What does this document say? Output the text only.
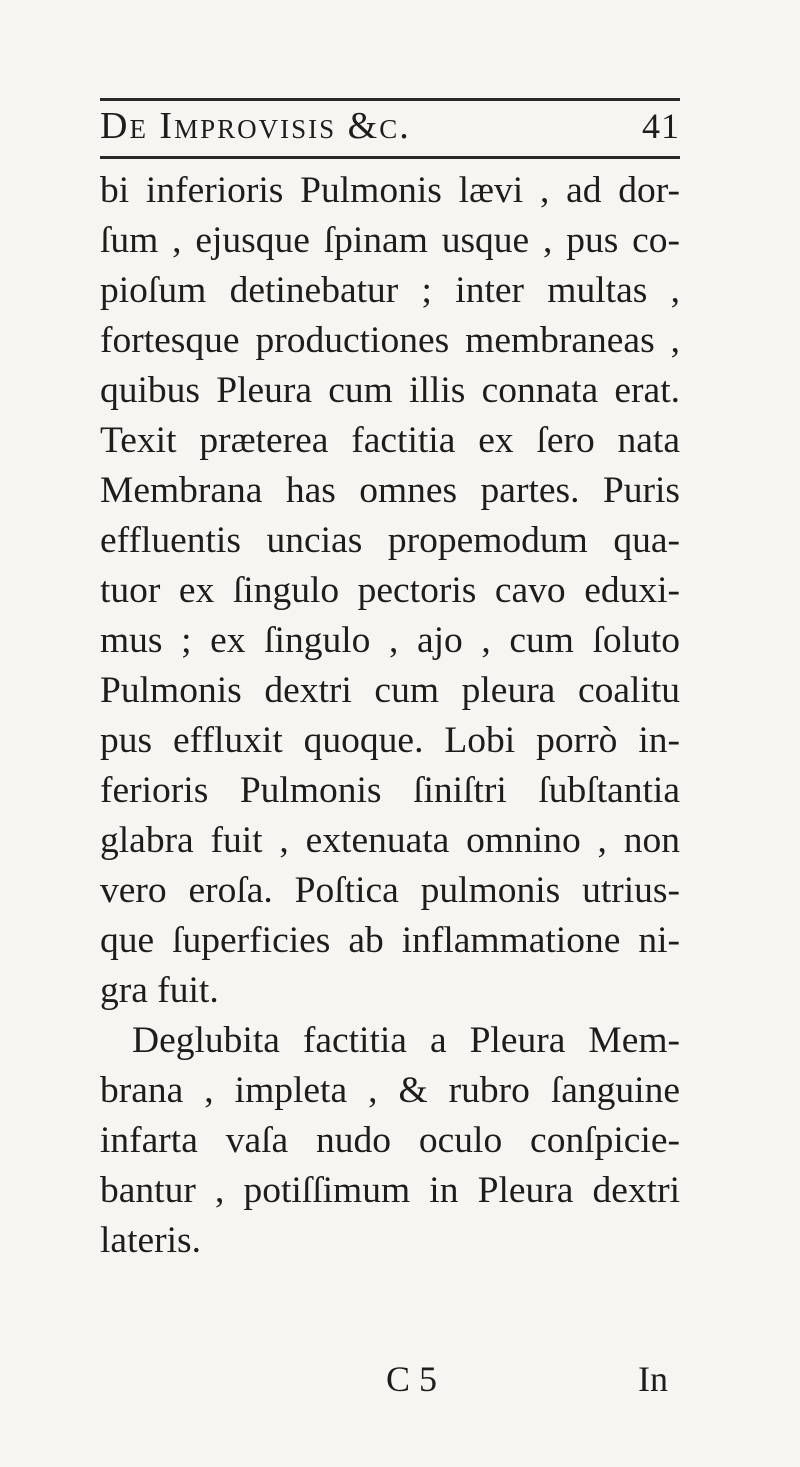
De Improvisis &c.	41
bi inferioris Pulmonis lævi , ad dor-
ſum , ejusque ſpinam usque , pus co-
pioſum detinebatur ; inter multas ,
fortesque productiones membraneas ,
quibus Pleura cum illis connata erat.
Texit præterea factitia ex ſero nata
Membrana has omnes partes. Puris
effluentis uncias propemodum qua-
tuor ex ſingulo pectoris cavo eduxi-
mus ; ex ſingulo , ajo , cum ſoluto
Pulmonis dextri cum pleura coalitu
pus effluxit quoque. Lobi porrò in-
ferioris Pulmonis ſiniſtri ſubſtantia
glabra fuit , extenuata omnino , non
vero eroſa. Poſtica pulmonis utrius-
que ſuperficies ab inflammatione ni-
gra fuit.
Deglubita factitia a Pleura Mem-
brana , impleta , & rubro ſanguine
infarta vaſa nudo oculo conſpicie-
bantur , potiſſimum in Pleura dextri
lateris.
C 5	In
